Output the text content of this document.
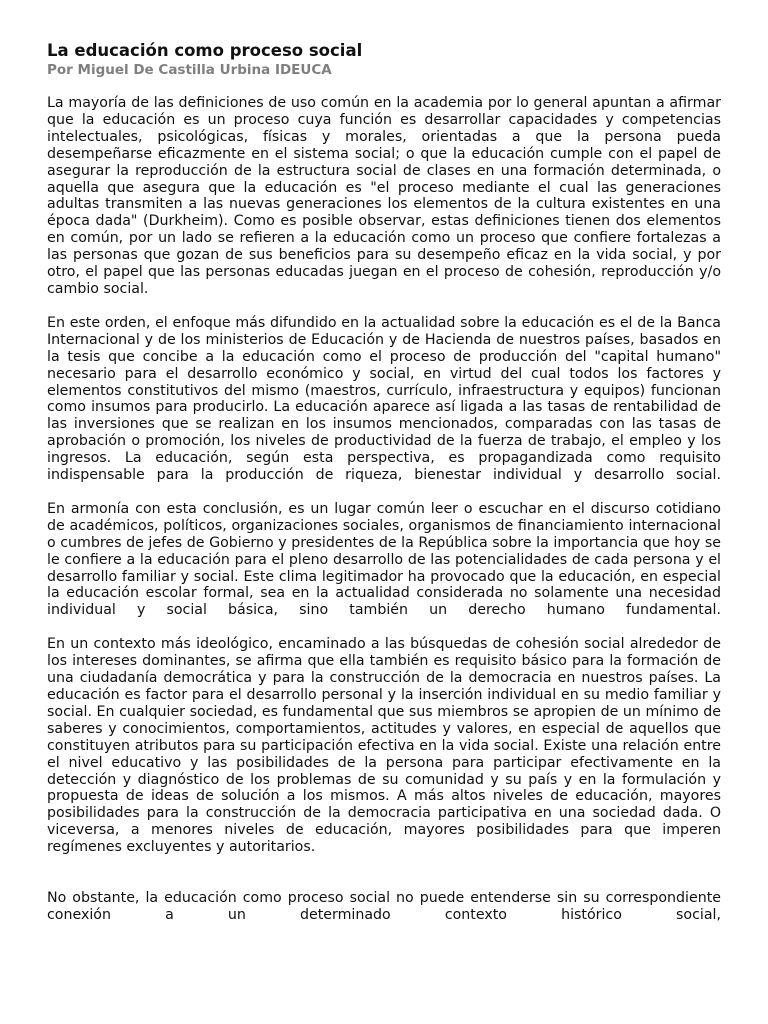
La educación como proceso social
Por Miguel De Castilla Urbina IDEUCA

La mayoría de las definiciones de uso común en la academia por lo general apuntan a afirmar que la educación es un proceso cuya función es desarrollar capacidades y competencias intelectuales, psicológicas, físicas y morales, orientadas a que la persona pueda desempeñarse eficazmente en el sistema social; o que la educación cumple con el papel de asegurar la reproducción de la estructura social de clases en una formación determinada, o aquella que asegura que la educación es "el proceso mediante el cual las generaciones adultas transmiten a las nuevas generaciones los elementos de la cultura existentes en una época dada" (Durkheim). Como es posible observar, estas definiciones tienen dos elementos en común, por un lado se refieren a la educación como un proceso que confiere fortalezas a las personas que gozan de sus beneficios para su desempeño eficaz en la vida social, y por otro, el papel que las personas educadas juegan en el proceso de cohesión, reproducción y/o cambio social.

En este orden, el enfoque más difundido en la actualidad sobre la educación es el de la Banca Internacional y de los ministerios de Educación y de Hacienda de nuestros países, basados en la tesis que concibe a la educación como el proceso de producción del "capital humano" necesario para el desarrollo económico y social, en virtud del cual todos los factores y elementos constitutivos del mismo (maestros, currículo, infraestructura y equipos) funcionan como insumos para producirlo. La educación aparece así ligada a las tasas de rentabilidad de las inversiones que se realizan en los insumos mencionados, comparadas con las tasas de aprobación o promoción, los niveles de productividad de la fuerza de trabajo, el empleo y los ingresos. La educación, según esta perspectiva, es propagandizada como requisito indispensable para la producción de riqueza, bienestar individual y desarrollo social.

En armonía con esta conclusión, es un lugar común leer o escuchar en el discurso cotidiano de académicos, políticos, organizaciones sociales, organismos de financiamiento internacional o cumbres de jefes de Gobierno y presidentes de la República sobre la importancia que hoy se le confiere a la educación para el pleno desarrollo de las potencialidades de cada persona y el desarrollo familiar y social. Este clima legitimador ha provocado que la educación, en especial la educación escolar formal, sea en la actualidad considerada no solamente una necesidad individual y social básica, sino también un derecho humano fundamental.

En un contexto más ideológico, encaminado a las búsquedas de cohesión social alrededor de los intereses dominantes, se afirma que ella también es requisito básico para la formación de una ciudadanía democrática y para la construcción de la democracia en nuestros países. La educación es factor para el desarrollo personal y la inserción individual en su medio familiar y social. En cualquier sociedad, es fundamental que sus miembros se apropien de un mínimo de saberes y conocimientos, comportamientos, actitudes y valores, en especial de aquellos que constituyen atributos para su participación efectiva en la vida social. Existe una relación entre el nivel educativo y las posibilidades de la persona para participar efectivamente en la detección y diagnóstico de los problemas de su comunidad y su país y en la formulación y propuesta de ideas de solución a los mismos. A más altos niveles de educación, mayores posibilidades para la construcción de la democracia participativa en una sociedad dada. O viceversa, a menores niveles de educación, mayores posibilidades para que imperen regímenes excluyentes y autoritarios.

No obstante, la educación como proceso social no puede entenderse sin su correspondiente conexión a un determinado contexto histórico social,
